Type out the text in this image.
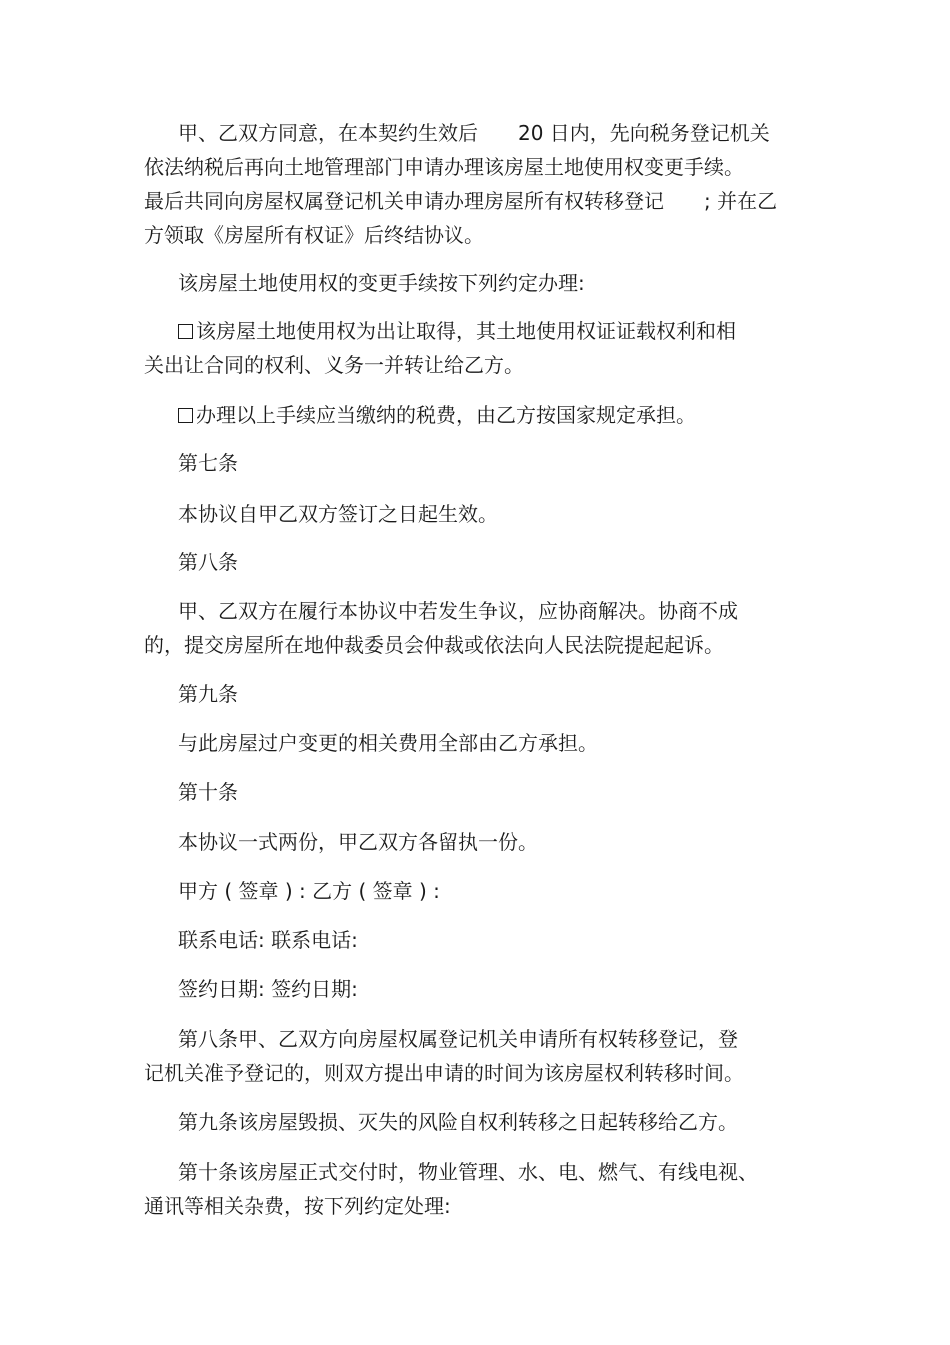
甲、乙双方同意，在本契约生效后 20 日内，先向税务登记机关
依法纳税后再向土地管理部门申请办理该房屋土地使用权变更手续。
最后共同向房屋权属登记机关申请办理房屋所有权转移登记 ; 并在乙
方领取《房屋所有权证》后终结协议。
该房屋土地使用权的变更手续按下列约定办理:
该房屋土地使用权为出让取得，其土地使用权证证载权利和相
关出让合同的权利、义务一并转让给乙方。
办理以上手续应当缴纳的税费，由乙方按国家规定承担。
第七条
本协议自甲乙双方签订之日起生效。
第八条
甲、乙双方在履行本协议中若发生争议，应协商解决。协商不成
的，提交房屋所在地仲裁委员会仲裁或依法向人民法院提起起诉。
第九条
与此房屋过户变更的相关费用全部由乙方承担。
第十条
本协议一式两份，甲乙双方各留执一份。
甲方 ( 签章 ) : 乙方 ( 签章 ) :
联系电话: 联系电话:
签约日期: 签约日期:
第八条甲、乙双方向房屋权属登记机关申请所有权转移登记，登
记机关准予登记的，则双方提出申请的时间为该房屋权利转移时间。
第九条该房屋毁损、灭失的风险自权利转移之日起转移给乙方。
第十条该房屋正式交付时，物业管理、水、电、燃气、有线电视、
通讯等相关杂费，按下列约定处理:
